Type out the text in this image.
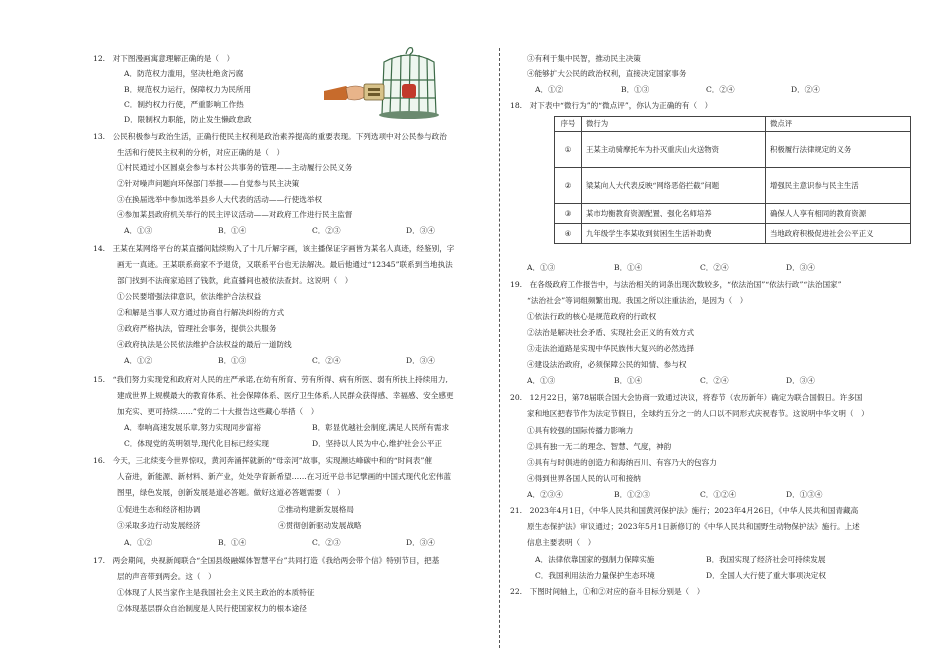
12.　对下图漫画寓意理解正确的是（　）
A．防范权力滥用，坚决杜绝贪污腐
B．规范权力运行，保障权力为民所用
C．制约权力行使，严重影响工作热
D．限制权力职能，防止发生懒政怠政
13.　公民积极参与政治生活，正确行使民主权利是政治素养提高的重要表现。下列选项中对公民参与政治
生活和行使民主权利的分析，对应正确的是（　）
①村民通过小区圆桌会参与本村公共事务的管理——主动履行公民义务
②针对噪声问题向环保部门举报——自觉参与民主决策
③在换届选举中参加选举县乡人大代表的活动——行使选举权
④参加某县政府机关举行的民主评议活动——对政府工作进行民主监督
A．①③	B．①④	C．②③	D．③④
14.　王某在某网络平台的某直播间陆续购入了十几斤解字画，该主播保证字画皆为某名人真迹，经鉴别，字
画无一真迹。王某联系商家不予退货，又联系平台也无法解决。最后他通过“12345”联系到当地执法
部门找到不法商家追回了钱款，此直播间也被依法查封。这说明（　）
①公民要增强法律意识，依法维护合法权益
②和解是当事人双方通过协商自行解决纠纷的方式
③政府严格执法，管理社会事务，提供公共服务
④政府执法是公民依法维护合法权益的最后一道防线
A．①②	B．①③	C．②④	D．③④
15.　“我们努力实现党和政府对人民的庄严承诺,在幼有所育、劳有所得、病有所医、弱有所扶上持续用力,
建成世界上规模最大的教育体系、社会保障体系、医疗卫生体系,人民群众获得感、幸福感、安全感更
加充实、更可持续……”党的二十大报告这些藏心举措（　）
A．奉响高速发展乐章,努力实现同步富裕	B．彰显优越社会制度,满足人民所有需求
C．体现党的英明领导,现代化目标已经实现	D．坚持以人民为中心,维护社会公平正
16.　今天，三北续变今世界惊叹，黄河奔涌挥就新的“母亲河”故事，实现濒达峰碳中和的“时间表”催
人奋进，新能源、新材料、新产业，处处孕育新希望……在习近平总书记擘画的中国式现代化宏伟蓝
图里，绿色发展，创新发展是道必答题。做好这道必答题需要（　）
①促进生态和经济相协调	②推动构建新发展格局
③采取多边行动发展经济	④贯彻创新驱动发展战略
A．①②	B．①④	C．②③	D．③④
17.　两会期间，央视新闻联合“全国县级融媒体智慧平台”共同打造《我给两会带个信》特别节目，把基
层的声音带到两会。这（　）
①体现了人民当家作主是我国社会主义民主政治的本质特征
②体现基层群众自治制度是人民行使国家权力的根本途径
③有利于集中民智，推动民主决策
④能够扩大公民的政治权利，直接决定国家事务
A．①②	B．①③	C．②④	D．②④
18.　对下表中“微行为”的“微点评”，你认为正确的有（　）
序号	微行为	微点评
①	王某主动骑摩托车为扑灭重庆山火送物资	积极履行法律规定的义务
②	梁某向人大代表反映“网络恶俗拦截”问题	增强民主意识参与民主生活
③	某市均衡教育资源配置、强化名师培养	确保人人享有相同的教育资源
④	九年级学生李某收到贫困生生活补助费	当地政府积极促进社会公平正义
A．①③	B．①④	C．②④	D．③④
19.　在各级政府工作报告中，与法治相关的词条出现次数较多，“依法治国”“依法行政”“法治国家”
“法治社会”等词组频繁出现。我国之所以注重法治，是因为（　）
①依法行政的核心是规范政府的行政权
②法治是解决社会矛盾、实现社会正义的有效方式
③走法治道路是实现中华民族伟大复兴的必然选择
④建设法治政府，必须保障公民的知情、参与权
A．①③	B．①④	C．②④	D．③④
20.　12月22日，第78届联合国大会协商一致通过决议，将春节（农历新年）确定为联合国假日。许多国
家和地区把春节作为法定节假日，全球约五分之一的人口以不同形式庆祝春节。这说明中华文明（　）
①具有较强的国际传播力影响力
②具有独一无二的理念、智慧、气度，神韵
③具有与时俱进的创造力和海纳百川、有容乃大的包容力
④得到世界各国人民的认可和接纳
A．②③④	B．①②③	C．①②④	D．①③④
21.　2023年4月1日，《中华人民共和国黄河保护法》施行；2023年4月26日，《中华人民共和国青藏高
原生态保护法》审议通过；2023年5月1日新修订的《中华人民共和国野生动物保护法》施行。上述
信息主要表明（　）
A．法律依靠国家的强制力保障实施	B．我国实现了经济社会可持续发展
C．我国利用法治力量保护生态环境	D．全国人大行使了重大事项决定权
22.　下图时间轴上，①和②对应的奋斗目标分别是（　）
